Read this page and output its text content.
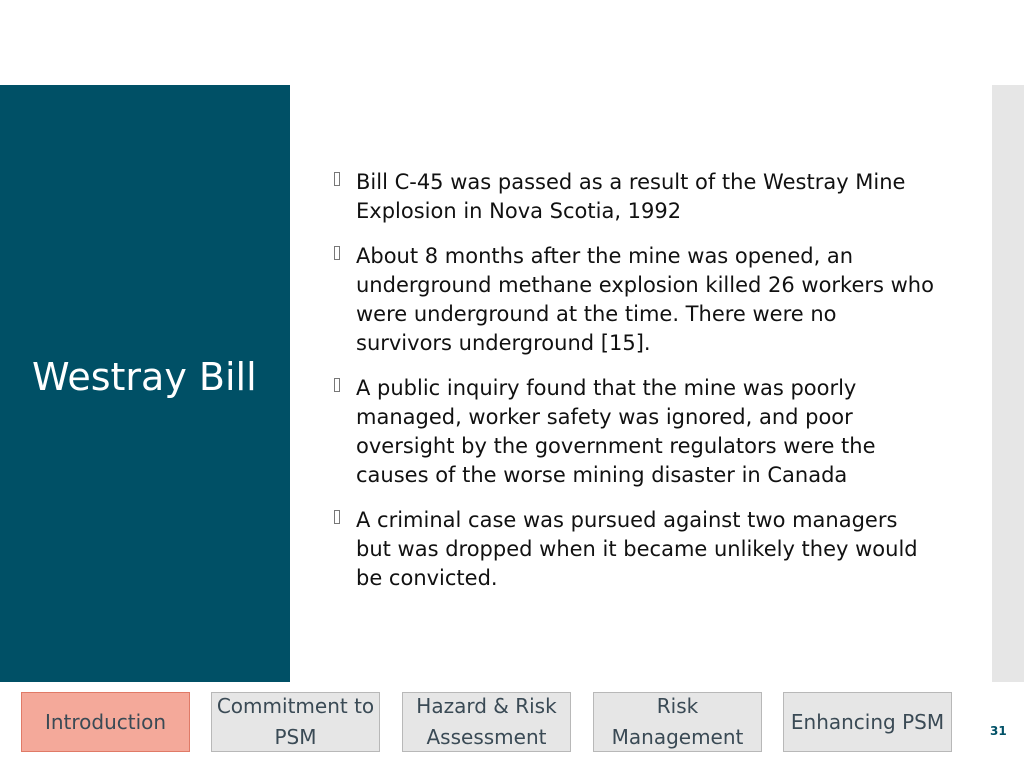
Westray Bill
Bill C-45 was passed as a result of the Westray Mine Explosion in Nova Scotia, 1992
About 8 months after the mine was opened, an underground methane explosion killed 26 workers who were underground at the time. There were no survivors underground [15].
A public inquiry found that the mine was poorly managed, worker safety was ignored, and poor oversight by the government regulators were the causes of the worse mining disaster in Canada
A criminal case was pursued against two managers but was dropped when it became unlikely they would be convicted.
Introduction
Commitment to PSM
Hazard & Risk Assessment
Risk Management
Enhancing PSM	31
